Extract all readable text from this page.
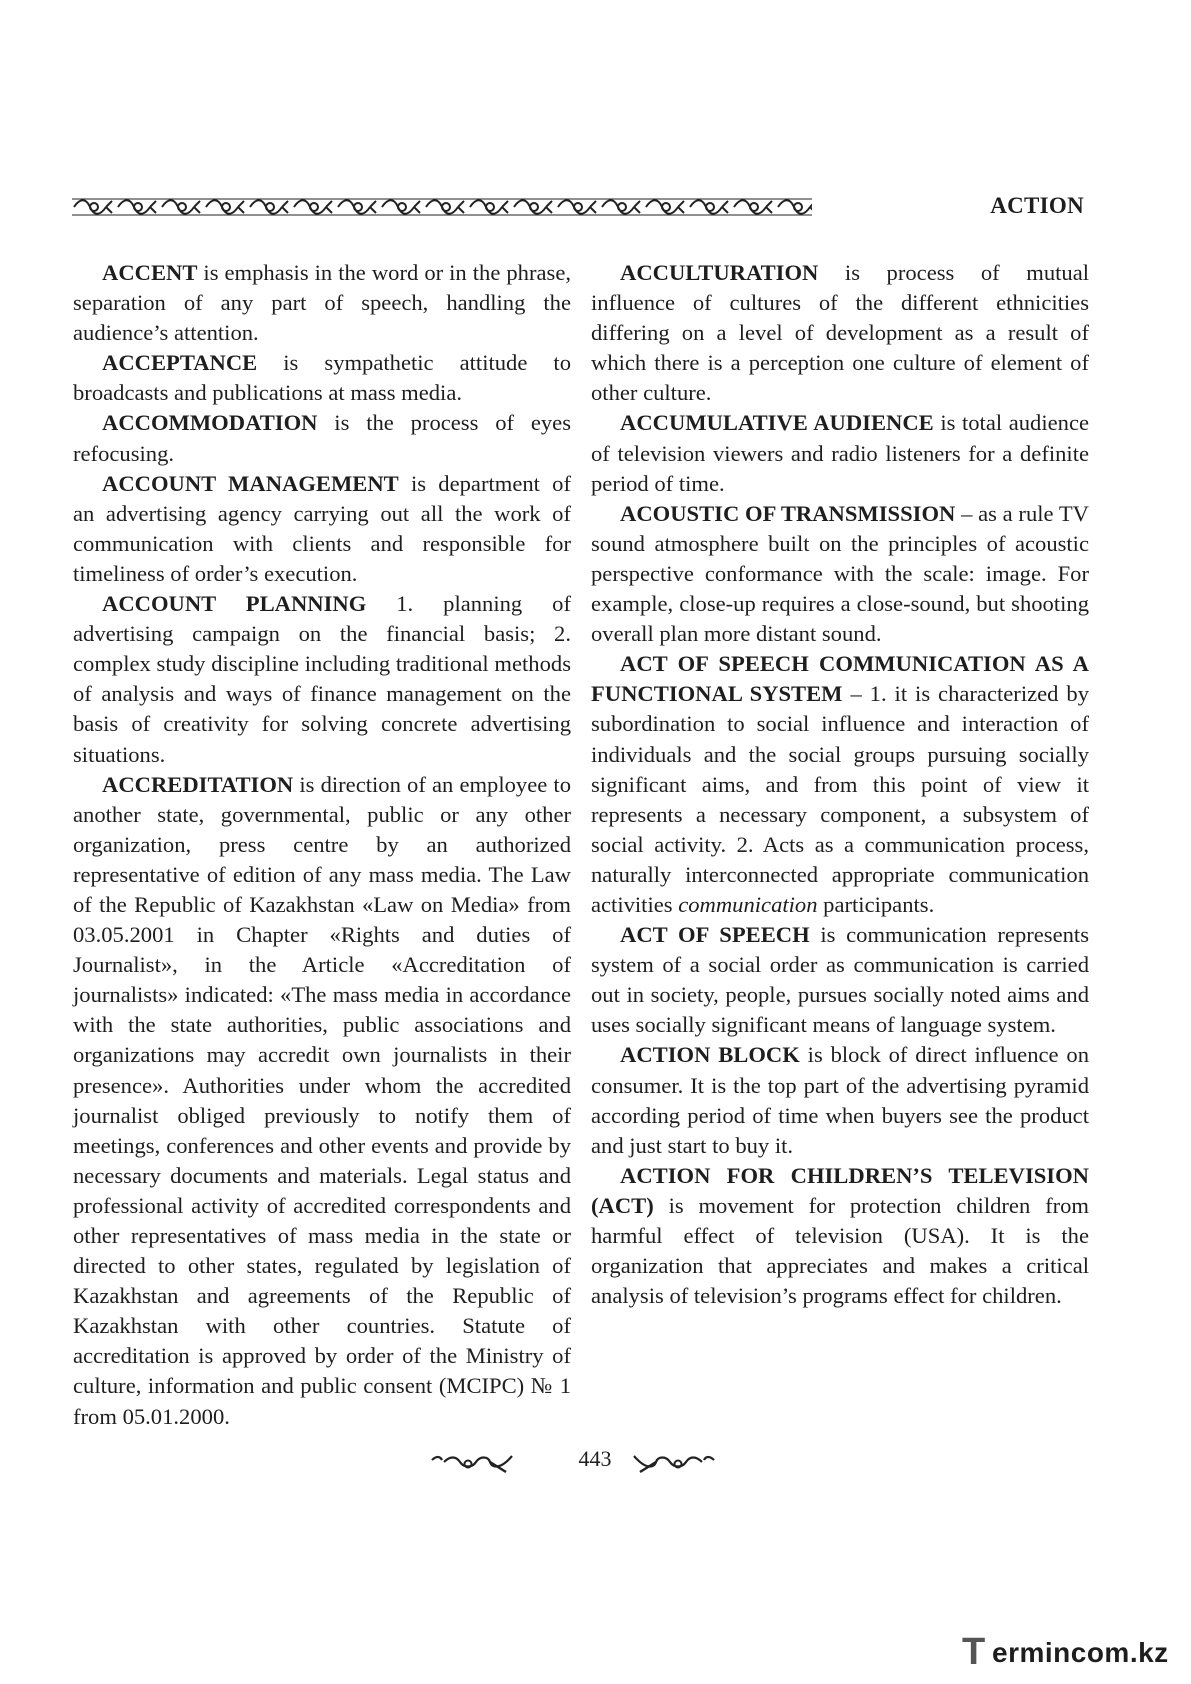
ACTION

ACCENT is emphasis in the word or in the phrase, separation of any part of speech, handling the audience’s attention.

ACCEPTANCE is sympathetic attitude to broadcasts and publications at mass media.

ACCOMMODATION is the process of eyes refocusing.

ACCOUNT MANAGEMENT is department of an advertising agency carrying out all the work of communication with clients and responsible for timeliness of order’s execution.

ACCOUNT PLANNING 1. planning of advertising campaign on the financial basis; 2. complex study discipline including traditional methods of analysis and ways of finance management on the basis of creativity for solving concrete advertising situations.

ACCREDITATION is direction of an employee to another state, governmental, public or any other organization, press centre by an authorized representative of edition of any mass media. The Law of the Republic of Kazakhstan «Law on Media» from 03.05.2001 in Chapter «Rights and duties of Journalist», in the Article «Accreditation of journalists» indicated: «The mass media in accordance with the state authorities, public associations and organizations may accredit own journalists in their presence». Authorities under whom the accredited journalist obliged previously to notify them of meetings, conferences and other events and provide by necessary documents and materials. Legal status and professional activity of accredited correspondents and other representatives of mass media in the state or directed to other states, regulated by legislation of Kazakhstan and agreements of the Republic of Kazakhstan with other countries. Statute of accreditation is approved by order of the Ministry of culture, information and public consent (MCIPC) № 1 from 05.01.2000.

ACCULTURATION is process of mutual influence of cultures of the different ethnicities differing on a level of development as a result of which there is a perception one culture of element of other culture.

ACCUMULATIVE AUDIENCE is total audience of television viewers and radio listeners for a definite period of time.

ACOUSTIC OF TRANSMISSION – as a rule TV sound atmosphere built on the principles of acoustic perspective conformance with the scale: image. For example, close-up requires a close-sound, but shooting overall plan more distant sound.

ACT OF SPEECH COMMUNICATION AS A FUNCTIONAL SYSTEM – 1. it is characterized by subordination to social influence and interaction of individuals and the social groups pursuing socially significant aims, and from this point of view it represents a necessary component, a subsystem of social activity. 2. Acts as a communication process, naturally interconnected appropriate communication activities communication participants.

ACT OF SPEECH is communication represents system of a social order as communication is carried out in society, people, pursues socially noted aims and uses socially significant means of language system.

ACTION BLOCK is block of direct influence on consumer. It is the top part of the advertising pyramid according period of time when buyers see the product and just start to buy it.

ACTION FOR CHILDREN’S TELEVISION (ACT) is movement for protection children from harmful effect of television (USA). It is the organization that appreciates and makes a critical analysis of television’s programs effect for children.

443

T ermincom.kz
